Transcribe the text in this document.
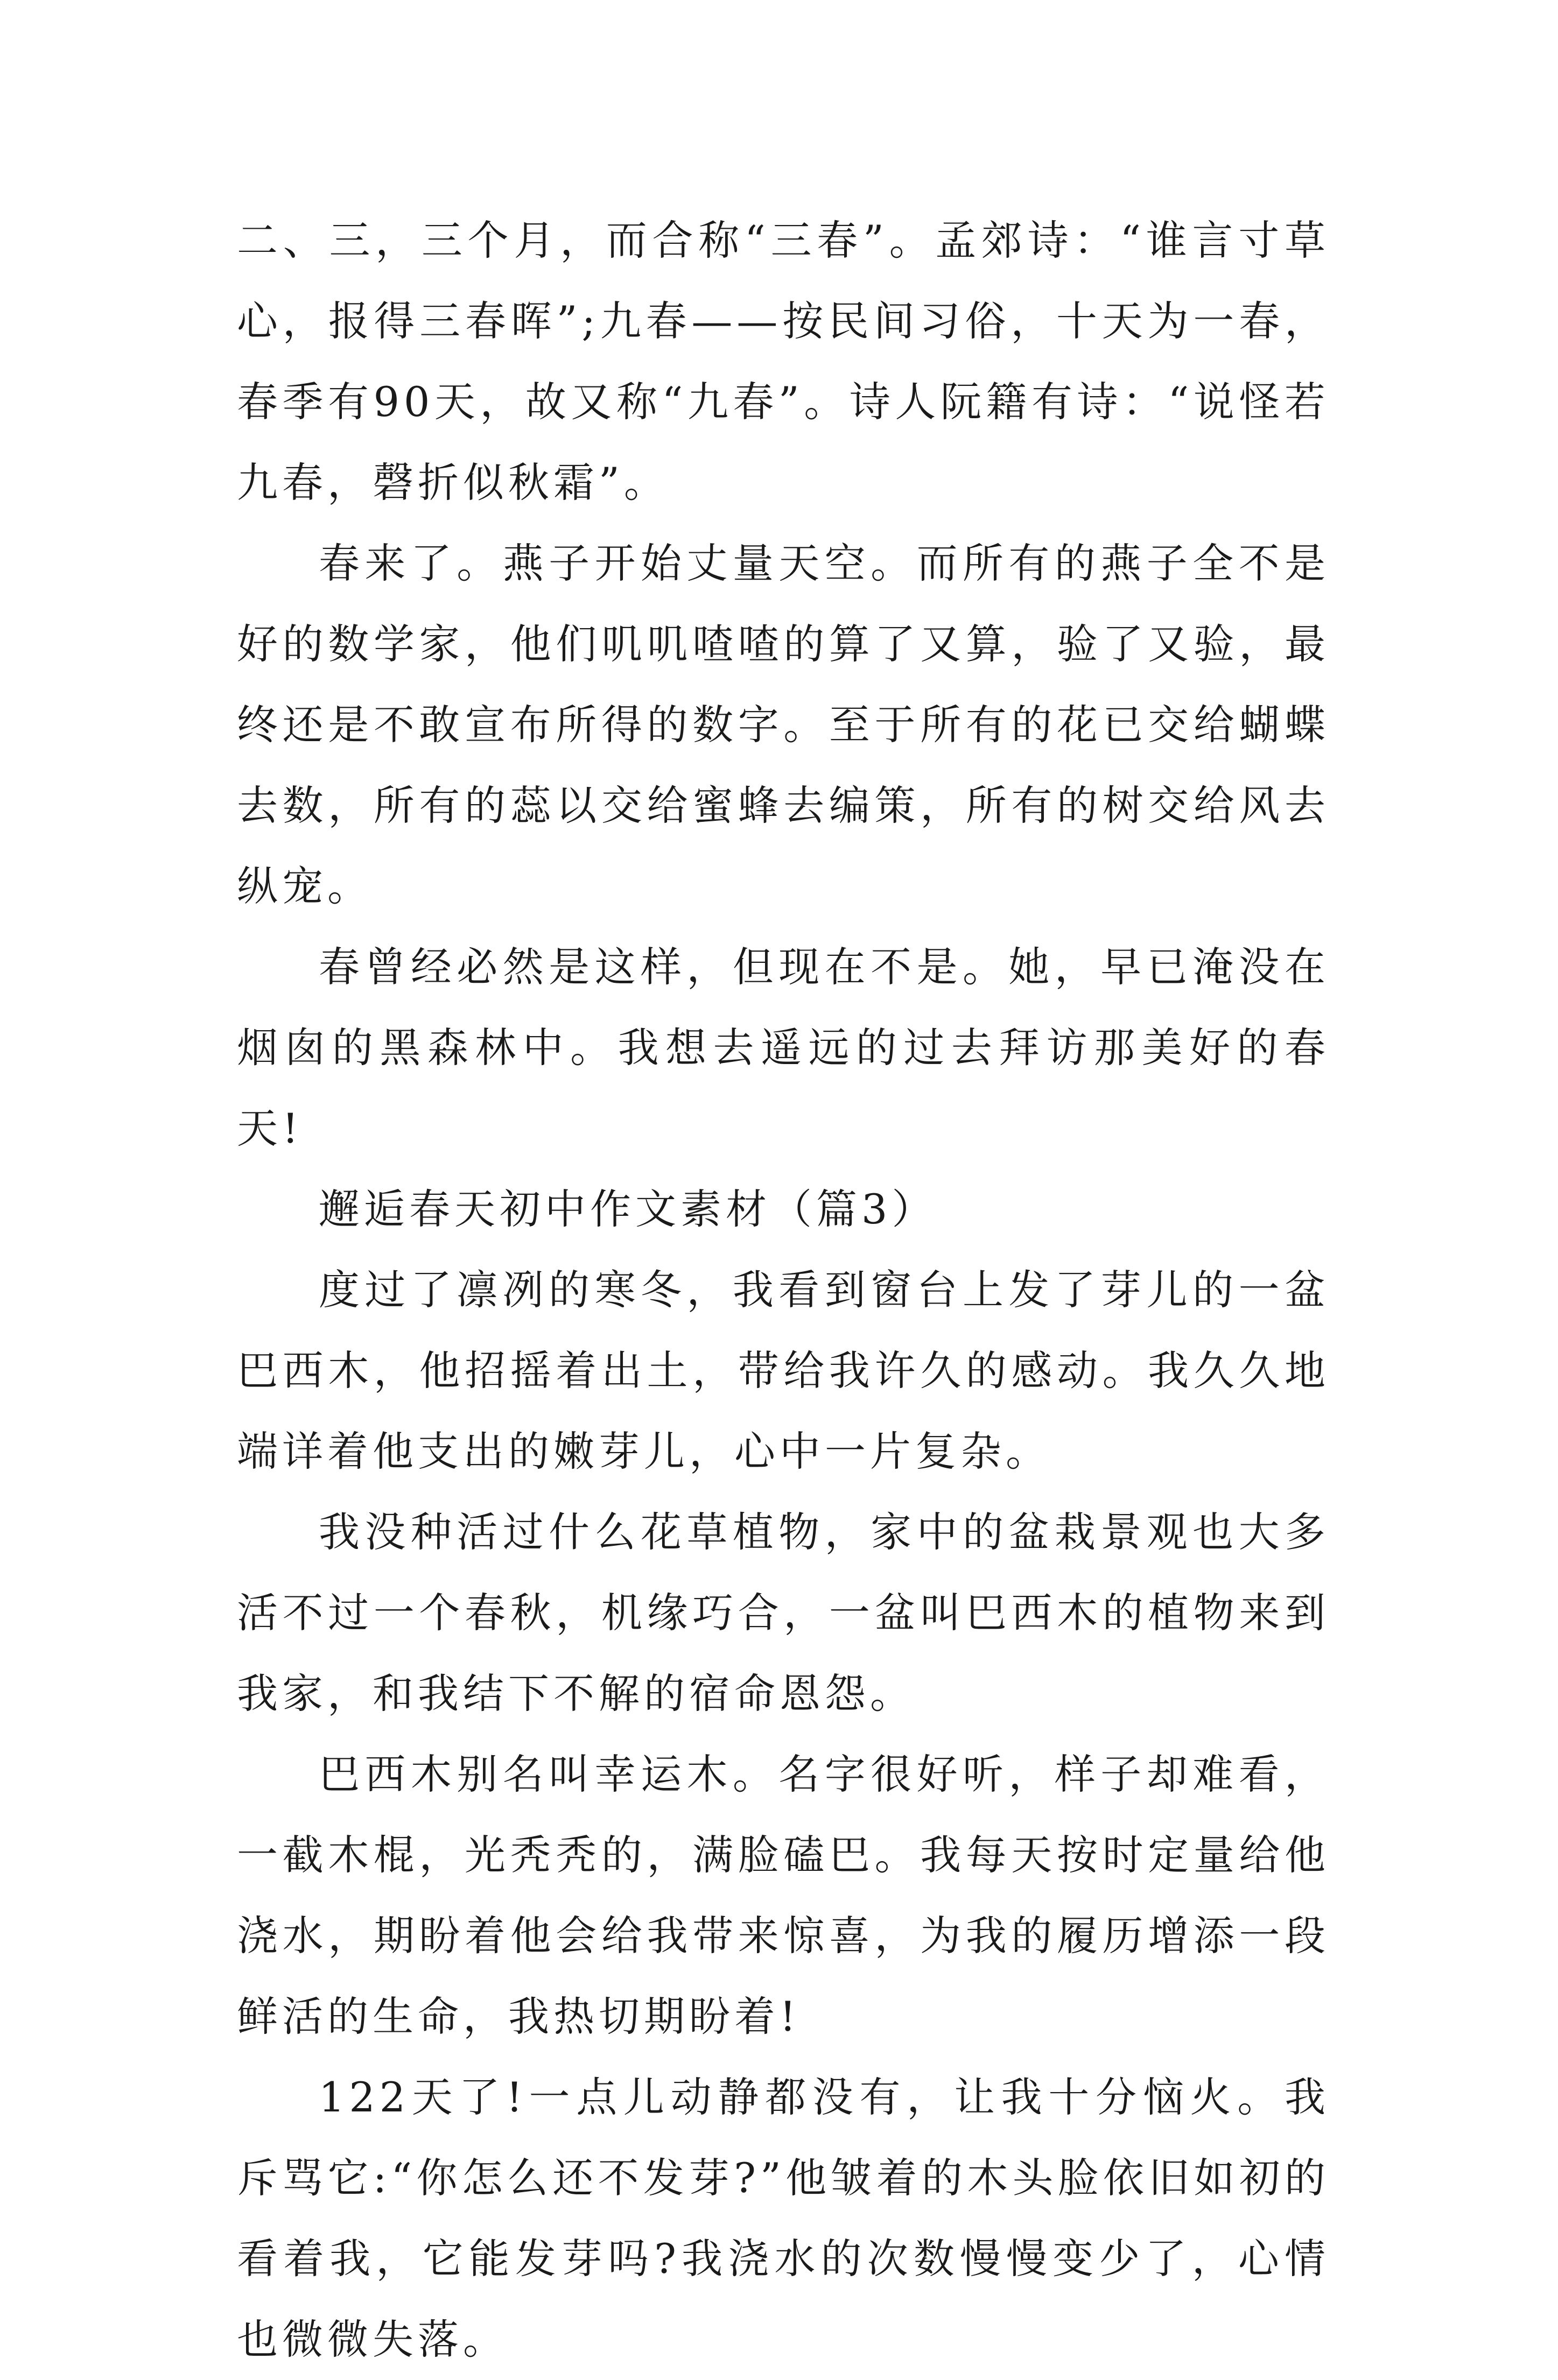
二、三，三个月，而合称“三春”。孟郊诗：“谁言寸草心，报得三春晖”;九春——按民间习俗，十天为一春，春季有90天，故又称“九春”。诗人阮籍有诗：“说怪若九春，磬折似秋霜”。

春来了。燕子开始丈量天空。而所有的燕子全不是好的数学家，他们叽叽喳喳的算了又算，验了又验，最终还是不敢宣布所得的数字。至于所有的花已交给蝴蝶去数，所有的蕊以交给蜜蜂去编策，所有的树交给风去纵宠。

春曾经必然是这样，但现在不是。她，早已淹没在烟囱的黑森林中。我想去遥远的过去拜访那美好的春天!

邂逅春天初中作文素材（篇3）

度过了凛冽的寒冬，我看到窗台上发了芽儿的一盆巴西木，他招摇着出土，带给我许久的感动。我久久地端详着他支出的嫩芽儿，心中一片复杂。

我没种活过什么花草植物，家中的盆栽景观也大多活不过一个春秋，机缘巧合，一盆叫巴西木的植物来到我家，和我结下不解的宿命恩怨。

巴西木别名叫幸运木。名字很好听，样子却难看，一截木棍，光秃秃的，满脸磕巴。我每天按时定量给他浇水，期盼着他会给我带来惊喜，为我的履历增添一段鲜活的生命，我热切期盼着!

122天了!一点儿动静都没有，让我十分恼火。我斥骂它:“你怎么还不发芽?”他皱着的木头脸依旧如初的看着我，它能发芽吗?我浇水的次数慢慢变少了，心情也微微失落。
